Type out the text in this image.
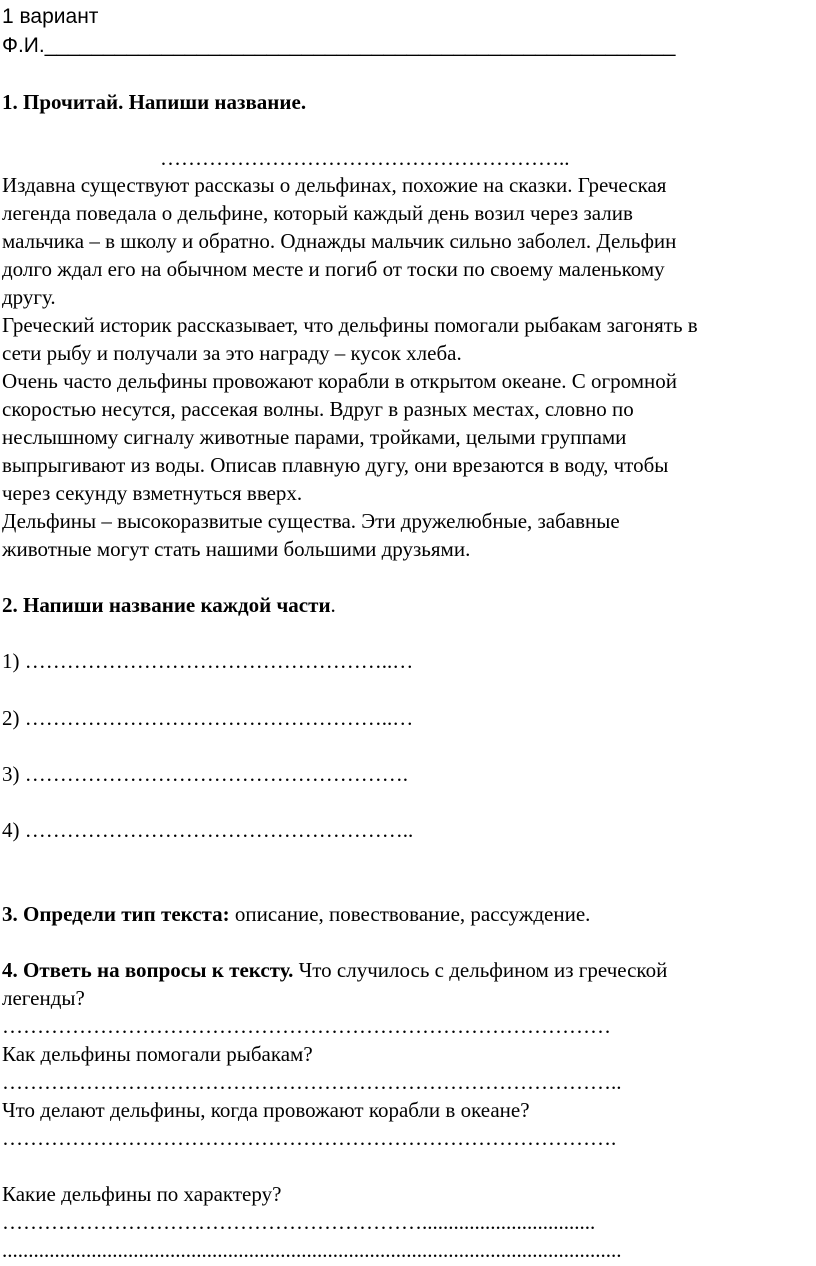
1 вариант
Ф.И.______________________________________________________
1. Прочитай. Напиши название.
…………………………………………………..
Издавна существуют рассказы о дельфинах, похожие на сказки. Греческая
легенда поведала о дельфине, который каждый день возил через залив
мальчика – в школу и обратно. Однажды мальчик сильно заболел. Дельфин
долго ждал его на обычном месте и погиб от тоски по своему маленькому
другу.
Греческий историк рассказывает, что дельфины помогали рыбакам загонять в
сети рыбу и получали за это награду – кусок хлеба.
Очень часто дельфины провожают корабли в открытом океане. С огромной
скоростью несутся, рассекая волны. Вдруг в разных местах, словно по
неслышному сигналу животные парами, тройками, целыми группами
выпрыгивают из воды. Описав плавную дугу, они врезаются в воду, чтобы
через секунду взметнуться вверх.
Дельфины – высокоразвитые существа. Эти дружелюбные, забавные
животные могут стать нашими большими друзьями.
2. Напиши название каждой части.
1) ……………………………………………..…
2) ……………………………………………..…
3) ……………………………………………….
4) ………………………………………………..
3. Определи тип текста: описание, повествование, рассуждение.
4. Ответь на вопросы к тексту. Что случилось с дельфином из греческой
легенды?
……………………………………………………………………………
Как дельфины помогали рыбакам?
……………………………………………………………………………..
Что делают дельфины, когда провожают корабли в океане?
…………………………………………………………………………….
Какие дельфины по характеру?
…………………………………………………….................................
......................................................................................................................
